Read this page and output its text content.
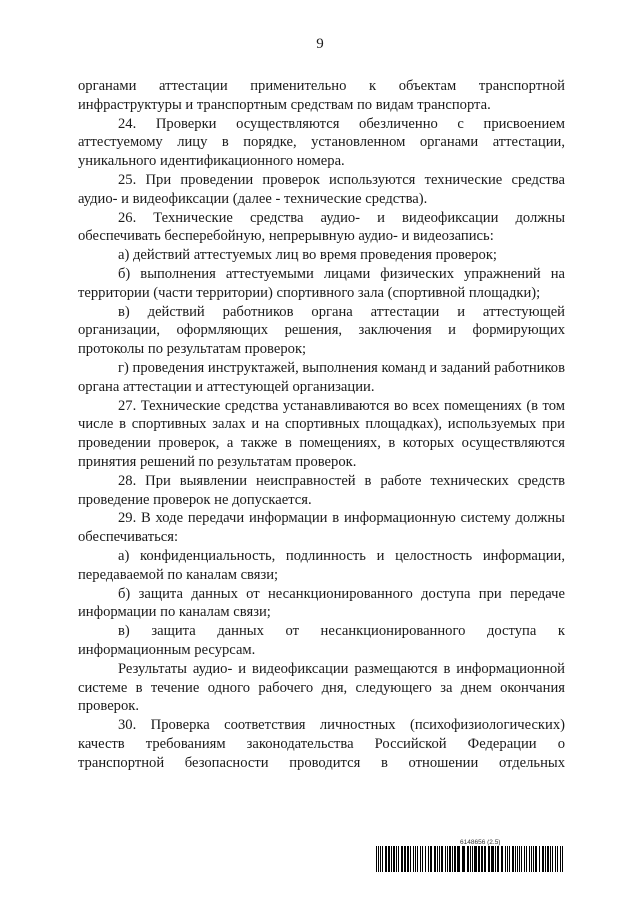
9

органами аттестации применительно к объектам транспортной инфраструктуры и транспортным средствам по видам транспорта.

24. Проверки осуществляются обезличенно с присвоением аттестуемому лицу в порядке, установленном органами аттестации, уникального идентификационного номера.

25. При проведении проверок используются технические средства аудио- и видеофиксации (далее - технические средства).

26. Технические средства аудио- и видеофиксации должны обеспечивать бесперебойную, непрерывную аудио- и видеозапись:

а) действий аттестуемых лиц во время проведения проверок;

б) выполнения аттестуемыми лицами физических упражнений на территории (части территории) спортивного зала (спортивной площадки);

в) действий работников органа аттестации и аттестующей организации, оформляющих решения, заключения и формирующих протоколы по результатам проверок;

г) проведения инструктажей, выполнения команд и заданий работников органа аттестации и аттестующей организации.

27. Технические средства устанавливаются во всех помещениях (в том числе в спортивных залах и на спортивных площадках), используемых при проведении проверок, а также в помещениях, в которых осуществляются принятия решений по результатам проверок.

28. При выявлении неисправностей в работе технических средств проведение проверок не допускается.

29. В ходе передачи информации в информационную систему должны обеспечиваться:

а) конфиденциальность, подлинность и целостность информации, передаваемой по каналам связи;

б) защита данных от несанкционированного доступа при передаче информации по каналам связи;

в) защита данных от несанкционированного доступа к информационным ресурсам.

Результаты аудио- и видеофиксации размещаются в информационной системе в течение одного рабочего дня, следующего за днем окончания проверок.

30. Проверка соответствия личностных (психофизиологических) качеств требованиям законодательства Российской Федерации о транспортной безопасности проводится в отношении отдельных

6148656 (2.5)
